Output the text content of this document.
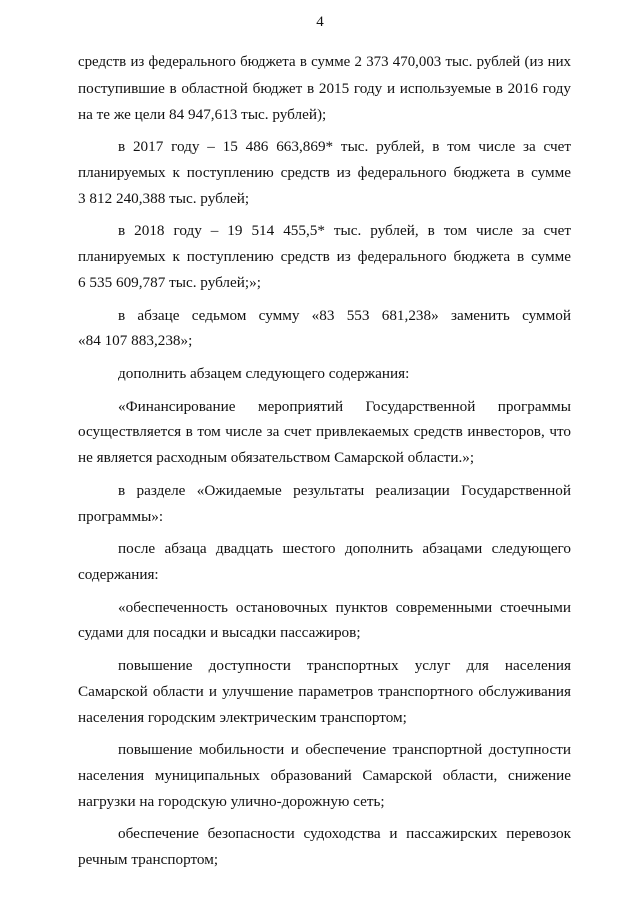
4
средств из федерального бюджета в сумме 2 373 470,003 тыс. рублей (из них
поступившие в областной бюджет в 2015 году и используемые в 2016 году
на те же цели 84 947,613 тыс. рублей);
в 2017 году – 15 486 663,869* тыс. рублей, в том числе за счет
планируемых к поступлению средств из федерального бюджета в сумме
3 812 240,388 тыс. рублей;
в 2018 году – 19 514 455,5* тыс. рублей, в том числе за счет
планируемых к поступлению средств из федерального бюджета в сумме
6 535 609,787 тыс. рублей;»;
в абзаце седьмом сумму «83 553 681,238» заменить суммой
«84 107 883,238»;
дополнить абзацем следующего содержания:
«Финансирование мероприятий Государственной программы
осуществляется в том числе за счет привлекаемых средств инвесторов, что
не является расходным обязательством Самарской области.»;
в разделе «Ожидаемые результаты реализации Государственной
программы»:
после абзаца двадцать шестого дополнить абзацами следующего
содержания:
«обеспеченность остановочных пунктов современными стоечными
судами для посадки и высадки пассажиров;
повышение доступности транспортных услуг для населения
Самарской области и улучшение параметров транспортного обслуживания
населения городским электрическим транспортом;
повышение мобильности и обеспечение транспортной доступности
населения муниципальных образований Самарской области, снижение
нагрузки на городскую улично-дорожную сеть;
обеспечение безопасности судоходства и пассажирских перевозок
речным транспортом;
